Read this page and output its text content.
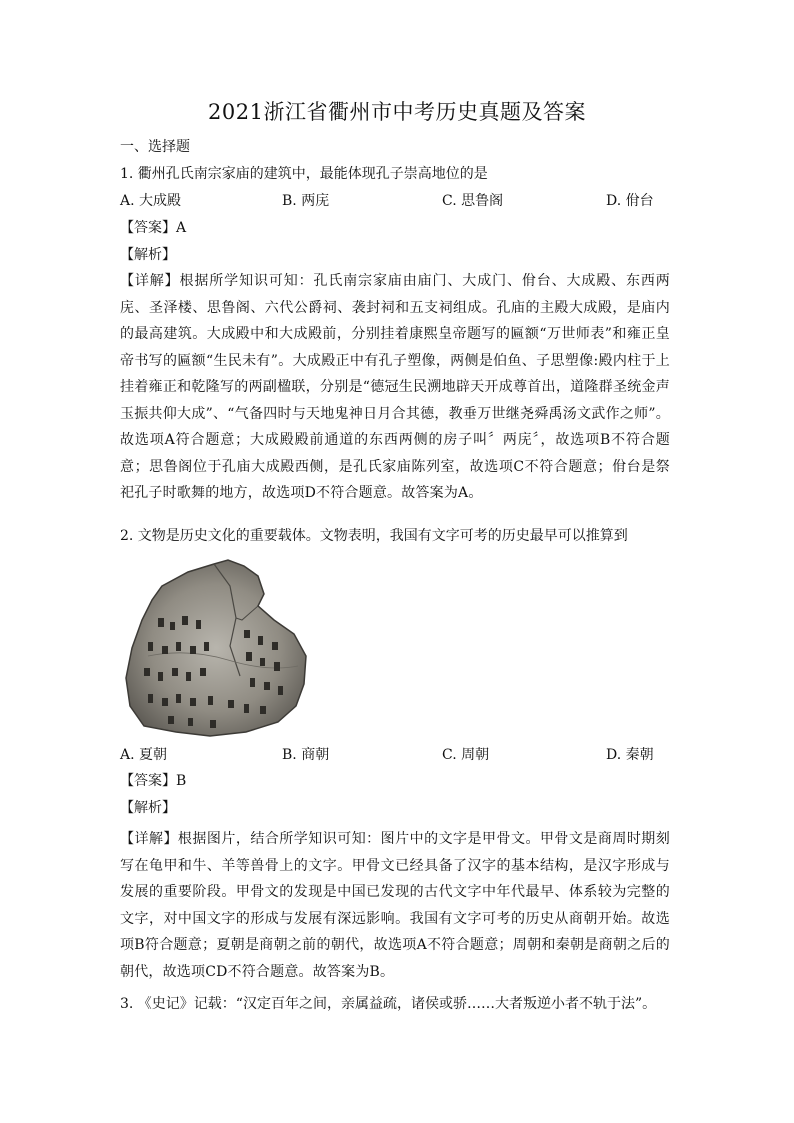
2021浙江省衢州市中考历史真题及答案
一、选择题
1. 衢州孔氏南宗家庙的建筑中，最能体现孔子崇高地位的是
A. 大成殿	B. 两庑	C. 思鲁阁	D. 佾台
【答案】A
【解析】
【详解】根据所学知识可知：孔氏南宗家庙由庙门、大成门、佾台、大成殿、东西两庑、圣泽楼、思鲁阁、六代公爵祠、袭封祠和五支祠组成。孔庙的主殿大成殿，是庙内的最高建筑。大成殿中和大成殿前，分别挂着康熙皇帝题写的匾额“万世师表”和雍正皇帝书写的匾额“生民未有”。大成殿正中有孔子塑像，两侧是伯鱼、子思塑像:殿内柱于上挂着雍正和乾隆写的两副楹联，分别是“德冠生民溯地辟天开成尊首出，道隆群圣统金声玉振共仰大成”、“气备四时与天地鬼神日月合其德，教垂万世继尧舜禹汤文武作之师”。故选项A符合题意；大成殿殿前通道的东西两侧的房子叫〞两庑〞，故选项B不符合题意；思鲁阁位于孔庙大成殿西侧，是孔氏家庙陈列室，故选项C不符合题意；佾台是祭祀孔子时歌舞的地方，故选项D不符合题意。故答案为A。
2. 文物是历史文化的重要载体。文物表明，我国有文字可考的历史最早可以推算到
A. 夏朝	B. 商朝	C. 周朝	D. 秦朝
【答案】B
【解析】
【详解】根据图片，结合所学知识可知：图片中的文字是甲骨文。甲骨文是商周时期刻写在龟甲和牛、羊等兽骨上的文字。甲骨文已经具备了汉字的基本结构，是汉字形成与发展的重要阶段。甲骨文的发现是中国已发现的古代文字中年代最早、体系较为完整的文字，对中国文字的形成与发展有深远影响。我国有文字可考的历史从商朝开始。故选项B符合题意；夏朝是商朝之前的朝代，故选项A不符合题意；周朝和秦朝是商朝之后的朝代，故选项CD不符合题意。故答案为B。
3. 《史记》记载：“汉定百年之间，亲属益疏，诸侯或骄……大者叛逆小者不轨于法”。
